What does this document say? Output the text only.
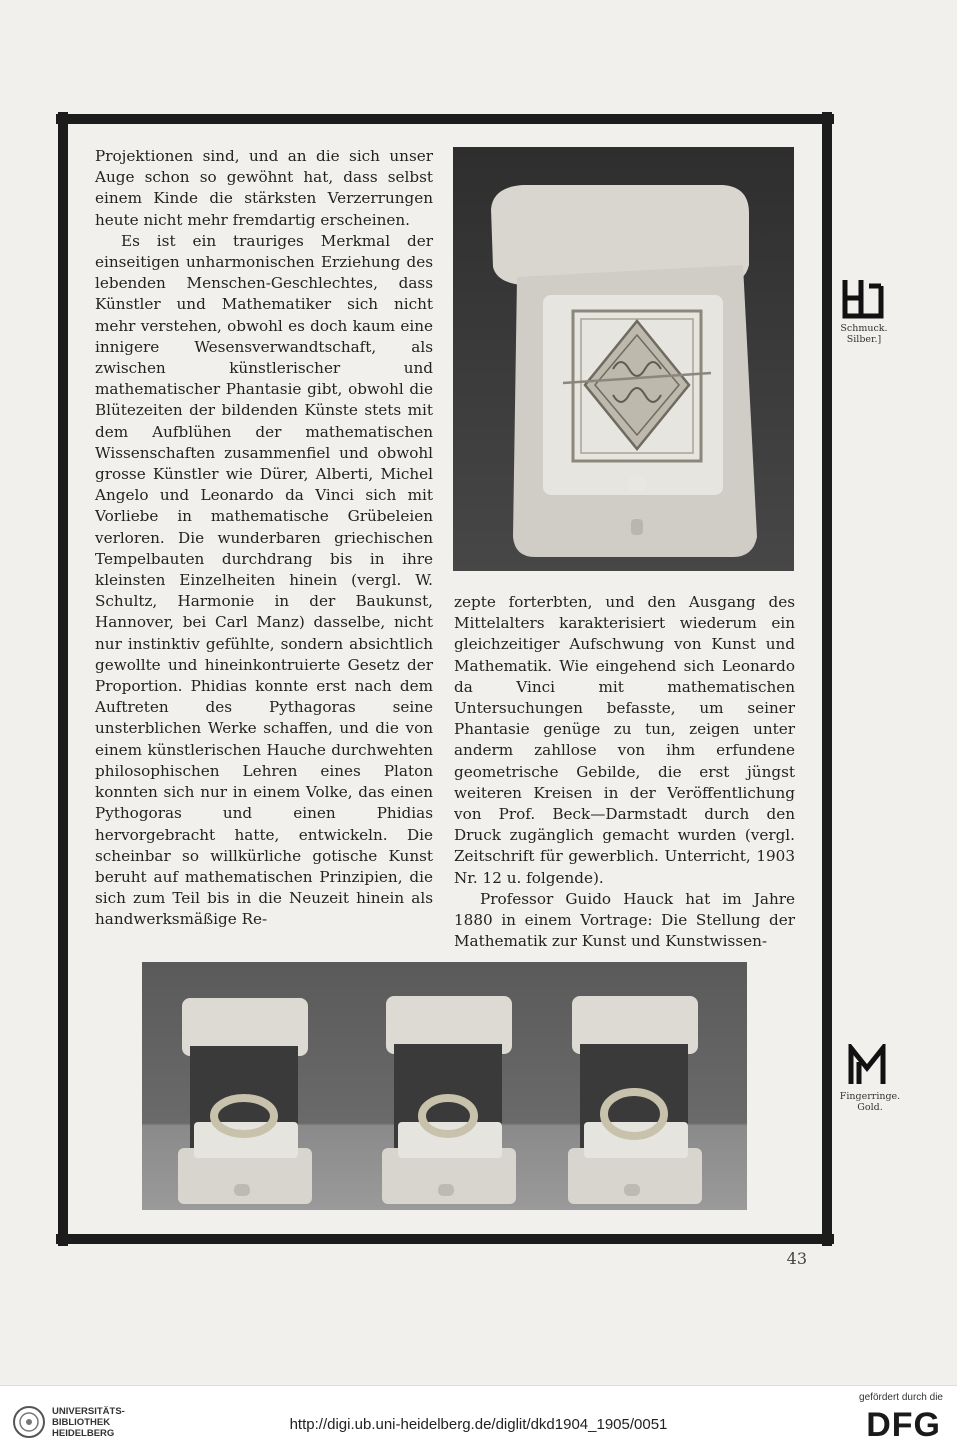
Projektionen sind, und an die sich unser Auge schon so gewöhnt hat, dass selbst einem Kinde die stärksten Verzerrungen heute nicht mehr fremdartig erscheinen.

Es ist ein trauriges Merkmal der einseitigen unharmonischen Erziehung des lebenden Menschen-Geschlechtes, dass Künstler und Mathematiker sich nicht mehr verstehen, obwohl es doch kaum eine innigere Wesensverwandtschaft, als zwischen künstlerischer und mathematischer Phantasie gibt, obwohl die Blütezeiten der bildenden Künste stets mit dem Aufblühen der mathematischen Wissenschaften zusammenfiel und obwohl grosse Künstler wie Dürer, Alberti, Michel Angelo und Leonardo da Vinci sich mit Vorliebe in mathematische Grübeleien verloren. Die wunderbaren griechischen Tempelbauten durchdrang bis in ihre kleinsten Einzelheiten hinein (vergl. W. Schultz, Harmonie in der Baukunst, Hannover, bei Carl Manz) dasselbe, nicht nur instinktiv gefühlte, sondern absichtlich gewollte und hineinkontruierte Gesetz der Proportion. Phidias konnte erst nach dem Auftreten des Pythagoras seine unsterblichen Werke schaffen, und die von einem künstlerischen Hauche durchwehten philosophischen Lehren eines Platon konnten sich nur in einem Volke, das einen Pythogoras und einen Phidias hervorgebracht hatte, entwickeln. Die scheinbar so willkürliche gotische Kunst beruht auf mathematischen Prinzipien, die sich zum Teil bis in die Neuzeit hinein als handwerksmäßige Re-

zepte forterbten, und den Ausgang des Mittelalters karakterisiert wiederum ein gleichzeitiger Aufschwung von Kunst und Mathematik. Wie eingehend sich Leonardo da Vinci mit mathematischen Untersuchungen befasste, um seiner Phantasie genüge zu tun, zeigen unter anderm zahllose von ihm erfundene geometrische Gebilde, die erst jüngst weiteren Kreisen in der Veröffentlichung von Prof. Beck—Darmstadt durch den Druck zugänglich gemacht wurden (vergl. Zeitschrift für gewerblich. Unterricht, 1903 Nr. 12 u. folgende).

Professor Guido Hauck hat im Jahre 1880 in einem Vortrage: Die Stellung der Mathematik zur Kunst und Kunstwissen-

Schmuck.
Silber.]
Fingerringe.
Gold.
43
UNIVERSITÄTS-
BIBLIOTHEK
HEIDELBERG
http://digi.ub.uni-heidelberg.de/diglit/dkd1904_1905/0051
gefördert durch die
DFG
